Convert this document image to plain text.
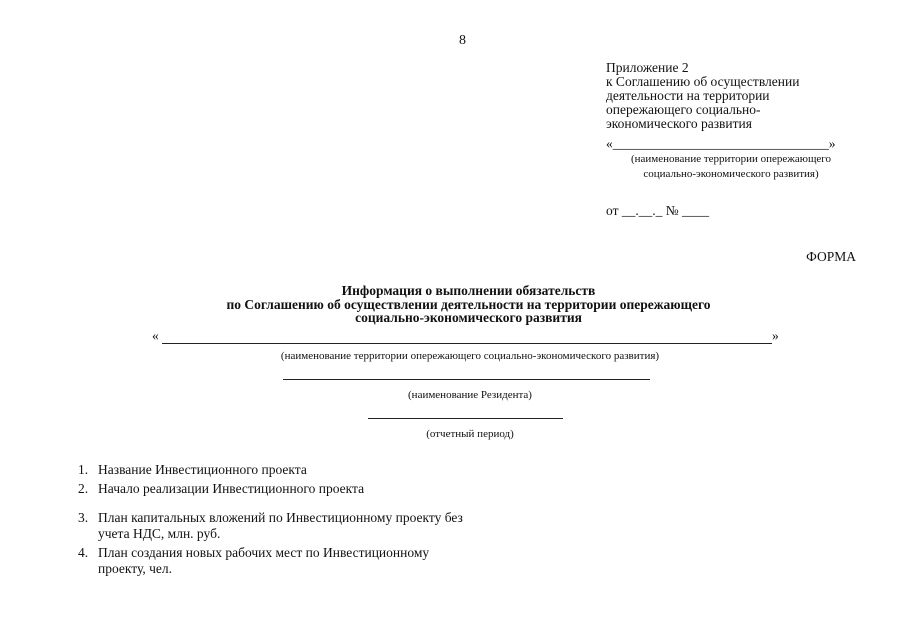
8
Приложение 2
к Соглашению об осуществлении
деятельности на территории
опережающего социально-
экономического развития
«________________________________»
(наименование территории опережающего
социально-экономического развития)
от __.__._ № ____
ФОРМА
Информация о выполнении обязательств
по Соглашению об осуществлении деятельности на территории опережающего
социально-экономического развития
«	»
(наименование территории опережающего социально-экономического развития)
(наименование Резидента)
(отчетный период)
1. Название Инвестиционного проекта
2. Начало реализации Инвестиционного проекта
3. План капитальных вложений по Инвестиционному проекту без учета НДС, млн. руб.
4. План создания новых рабочих мест по Инвестиционному проекту, чел.
